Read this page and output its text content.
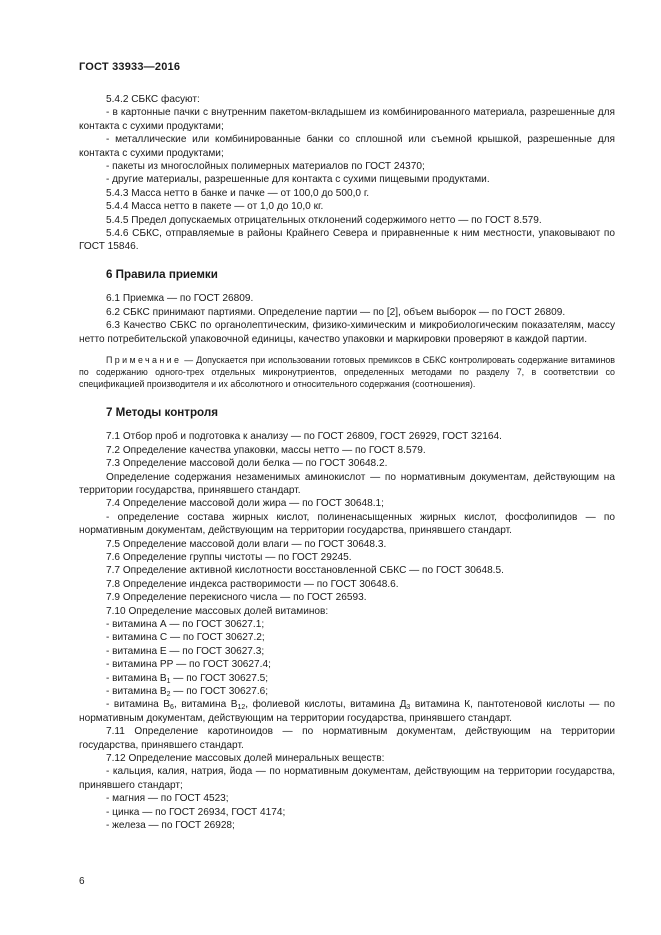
ГОСТ 33933—2016

5.4.2 СБКС фасуют:

- в картонные пачки с внутренним пакетом-вкладышем из комбинированного материала, разрешенные для контакта с сухими продуктами;

- металлические или комбинированные банки со сплошной или съемной крышкой, разрешенные для контакта с сухими продуктами;

- пакеты из многослойных полимерных материалов по ГОСТ 24370;

- другие материалы, разрешенные для контакта с сухими пищевыми продуктами.

5.4.3 Масса нетто в банке и пачке — от 100,0 до 500,0 г.

5.4.4 Масса нетто в пакете — от 1,0 до 10,0 кг.

5.4.5 Предел допускаемых отрицательных отклонений содержимого нетто — по ГОСТ 8.579.

5.4.6 СБКС, отправляемые в районы Крайнего Севера и приравненные к ним местности, упаковывают по ГОСТ 15846.

6 Правила приемки

6.1 Приемка — по ГОСТ 26809.

6.2 СБКС принимают партиями. Определение партии — по [2], объем выборок — по ГОСТ 26809.

6.3 Качество СБКС по органолептическим, физико-химическим и микробиологическим показателям, массу нетто потребительской упаковочной единицы, качество упаковки и маркировки проверяют в каждой партии.

Примечание — Допускается при использовании готовых премиксов в СБКС контролировать содержание витаминов по содержанию одного-трех отдельных микронутриентов, определенных методами по разделу 7, в соответствии со спецификацией производителя и их абсолютного и относительного содержания (соотношения).

7 Методы контроля

7.1 Отбор проб и подготовка к анализу — по ГОСТ 26809, ГОСТ 26929, ГОСТ 32164.

7.2 Определение качества упаковки, массы нетто — по ГОСТ 8.579.

7.3 Определение массовой доли белка — по ГОСТ 30648.2.

Определение содержания незаменимых аминокислот — по нормативным документам, действующим на территории государства, принявшего стандарт.

7.4 Определение массовой доли жира — по ГОСТ 30648.1;

- определение состава жирных кислот, полиненасыщенных жирных кислот, фосфолипидов — по нормативным документам, действующим на территории государства, принявшего стандарт.

7.5 Определение массовой доли влаги — по ГОСТ 30648.3.

7.6 Определение группы чистоты — по ГОСТ 29245.

7.7 Определение активной кислотности восстановленной СБКС — по ГОСТ 30648.5.

7.8 Определение индекса растворимости — по ГОСТ 30648.6.

7.9 Определение перекисного числа — по ГОСТ 26593.

7.10 Определение массовых долей витаминов:

- витамина А — по ГОСТ 30627.1;

- витамина С — по ГОСТ 30627.2;

- витамина Е — по ГОСТ 30627.3;

- витамина РР — по ГОСТ 30627.4;

- витамина $В_1$ — по ГОСТ 30627.5;

- витамина $В_2$ — по ГОСТ 30627.6;

- витамина $В_6$, витамина $В_{12}$, фолиевой кислоты, витамина $Д_3$ витамина К, пантотеновой кислоты — по нормативным документам, действующим на территории государства, принявшего стандарт.

7.11 Определение каротиноидов — по нормативным документам, действующим на территории государства, принявшего стандарт.

7.12 Определение массовых долей минеральных веществ:

- кальция, калия, натрия, йода — по нормативным документам, действующим на территории государства, принявшего стандарт;

- магния — по ГОСТ 4523;

- цинка — по ГОСТ 26934, ГОСТ 4174;

- железа — по ГОСТ 26928;

6
